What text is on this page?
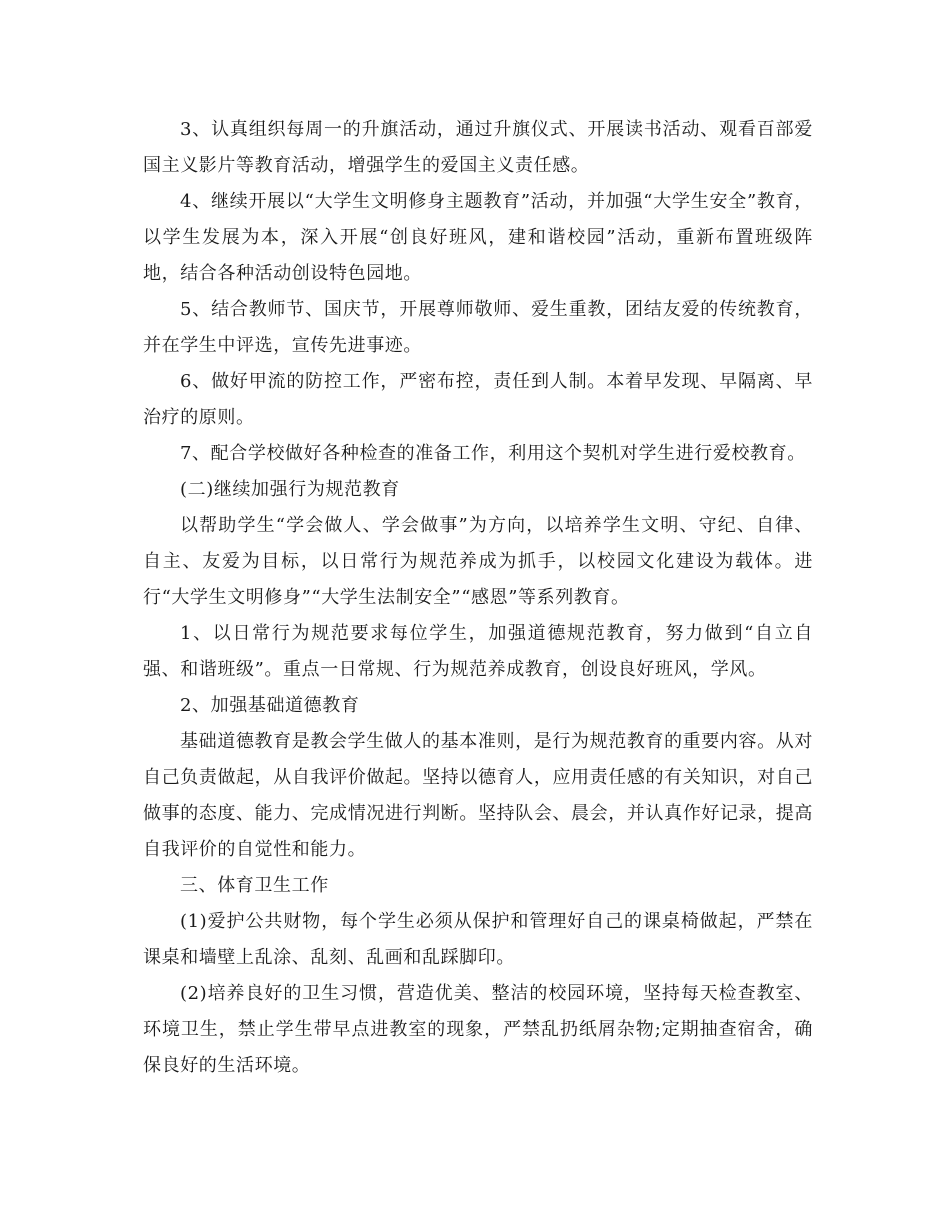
3、认真组织每周一的升旗活动，通过升旗仪式、开展读书活动、观看百部爱国主义影片等教育活动，增强学生的爱国主义责任感。

4、继续开展以“大学生文明修身主题教育”活动，并加强“大学生安全”教育，以学生发展为本，深入开展“创良好班风，建和谐校园”活动，重新布置班级阵地，结合各种活动创设特色园地。

5、结合教师节、国庆节，开展尊师敬师、爱生重教，团结友爱的传统教育，并在学生中评选，宣传先进事迹。

6、做好甲流的防控工作，严密布控，责任到人制。本着早发现、早隔离、早治疗的原则。

7、配合学校做好各种检查的准备工作，利用这个契机对学生进行爱校教育。

(二)继续加强行为规范教育

以帮助学生“学会做人、学会做事”为方向，以培养学生文明、守纪、自律、自主、友爱为目标，以日常行为规范养成为抓手，以校园文化建设为载体。进行“大学生文明修身”“大学生法制安全”“感恩”等系列教育。

1、以日常行为规范要求每位学生，加强道德规范教育，努力做到“自立自强、和谐班级”。重点一日常规、行为规范养成教育，创设良好班风，学风。

2、加强基础道德教育

基础道德教育是教会学生做人的基本准则，是行为规范教育的重要内容。从对自己负责做起，从自我评价做起。坚持以德育人，应用责任感的有关知识，对自己做事的态度、能力、完成情况进行判断。坚持队会、晨会，并认真作好记录，提高自我评价的自觉性和能力。

三、体育卫生工作

(1)爱护公共财物，每个学生必须从保护和管理好自己的课桌椅做起，严禁在课桌和墙壁上乱涂、乱刻、乱画和乱踩脚印。

(2)培养良好的卫生习惯，营造优美、整洁的校园环境，坚持每天检查教室、环境卫生，禁止学生带早点进教室的现象，严禁乱扔纸屑杂物;定期抽查宿舍，确保良好的生活环境。
